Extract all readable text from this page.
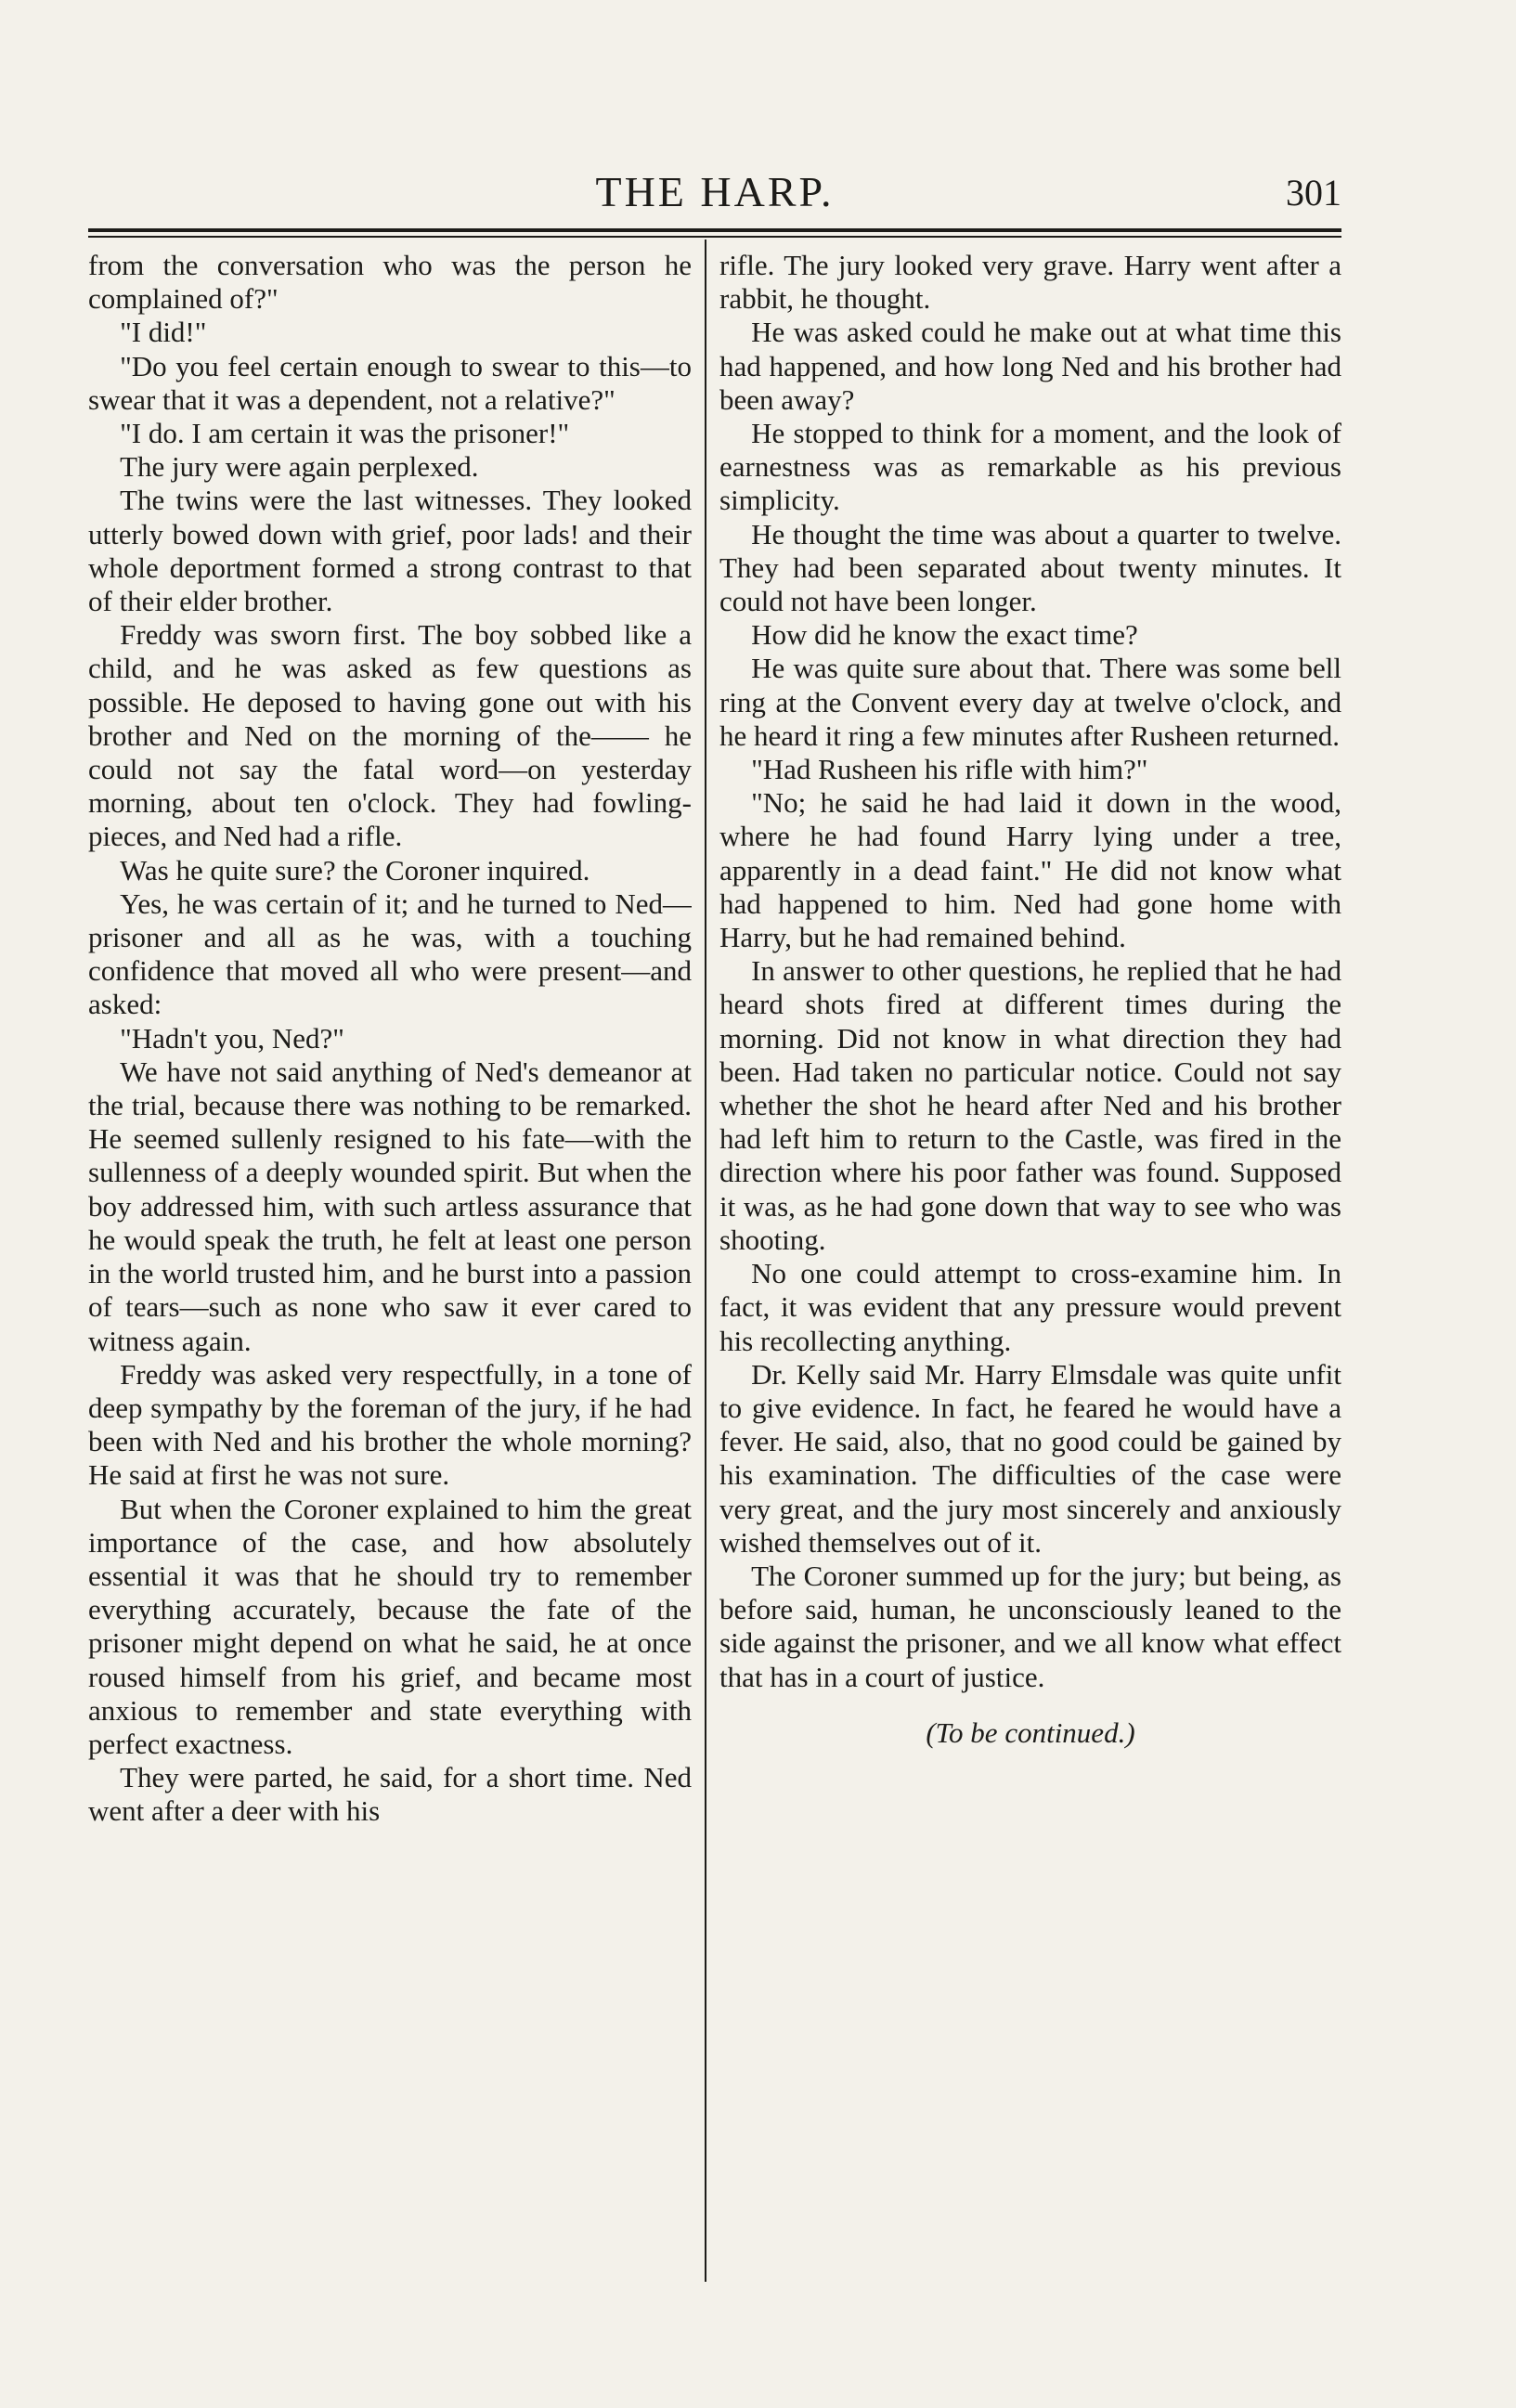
THE HARP.	301

from the conversation who was the person he complained of?"

"I did!"

"Do you feel certain enough to swear to this—to swear that it was a dependent, not a relative?"

"I do. I am certain it was the prisoner!"

The jury were again perplexed.

The twins were the last witnesses. They looked utterly bowed down with grief, poor lads! and their whole deportment formed a strong contrast to that of their elder brother.

Freddy was sworn first. The boy sobbed like a child, and he was asked as few questions as possible. He deposed to having gone out with his brother and Ned on the morning of the—— he could not say the fatal word—on yesterday morning, about ten o'clock. They had fowling-pieces, and Ned had a rifle.

Was he quite sure? the Coroner inquired.

Yes, he was certain of it; and he turned to Ned—prisoner and all as he was, with a touching confidence that moved all who were present—and asked:

"Hadn't you, Ned?"

We have not said anything of Ned's demeanor at the trial, because there was nothing to be remarked. He seemed sullenly resigned to his fate—with the sullenness of a deeply wounded spirit. But when the boy addressed him, with such artless assurance that he would speak the truth, he felt at least one person in the world trusted him, and he burst into a passion of tears—such as none who saw it ever cared to witness again.

Freddy was asked very respectfully, in a tone of deep sympathy by the foreman of the jury, if he had been with Ned and his brother the whole morning? He said at first he was not sure.

But when the Coroner explained to him the great importance of the case, and how absolutely essential it was that he should try to remember everything accurately, because the fate of the prisoner might depend on what he said, he at once roused himself from his grief, and became most anxious to remember and state everything with perfect exactness.

They were parted, he said, for a short time. Ned went after a deer with his

rifle. The jury looked very grave. Harry went after a rabbit, he thought.

He was asked could he make out at what time this had happened, and how long Ned and his brother had been away?

He stopped to think for a moment, and the look of earnestness was as remarkable as his previous simplicity.

He thought the time was about a quarter to twelve. They had been separated about twenty minutes. It could not have been longer.

How did he know the exact time?

He was quite sure about that. There was some bell ring at the Convent every day at twelve o'clock, and he heard it ring a few minutes after Rusheen returned.

"Had Rusheen his rifle with him?"

"No; he said he had laid it down in the wood, where he had found Harry lying under a tree, apparently in a dead faint." He did not know what had happened to him. Ned had gone home with Harry, but he had remained behind.

In answer to other questions, he replied that he had heard shots fired at different times during the morning. Did not know in what direction they had been. Had taken no particular notice. Could not say whether the shot he heard after Ned and his brother had left him to return to the Castle, was fired in the direction where his poor father was found. Supposed it was, as he had gone down that way to see who was shooting.

No one could attempt to cross-examine him. In fact, it was evident that any pressure would prevent his recollecting anything.

Dr. Kelly said Mr. Harry Elmsdale was quite unfit to give evidence. In fact, he feared he would have a fever. He said, also, that no good could be gained by his examination. The difficulties of the case were very great, and the jury most sincerely and anxiously wished themselves out of it.

The Coroner summed up for the jury; but being, as before said, human, he unconsciously leaned to the side against the prisoner, and we all know what effect that has in a court of justice.

(To be continued.)
